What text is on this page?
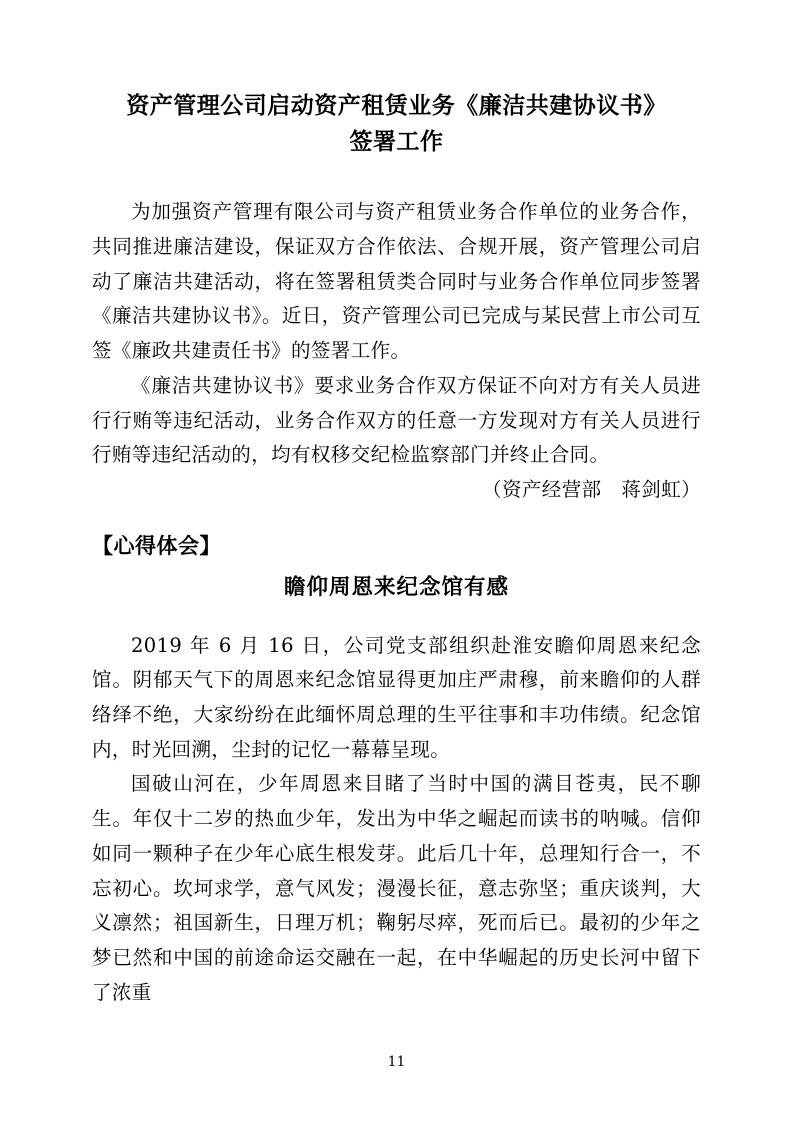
资产管理公司启动资产租赁业务《廉洁共建协议书》
签署工作

为加强资产管理有限公司与资产租赁业务合作单位的业务合作，共同推进廉洁建设，保证双方合作依法、合规开展，资产管理公司启动了廉洁共建活动，将在签署租赁类合同时与业务合作单位同步签署《廉洁共建协议书》。近日，资产管理公司已完成与某民营上市公司互签《廉政共建责任书》的签署工作。

《廉洁共建协议书》要求业务合作双方保证不向对方有关人员进行行贿等违纪活动，业务合作双方的任意一方发现对方有关人员进行行贿等违纪活动的，均有权移交纪检监察部门并终止合同。

（资产经营部　蒋剑虹）

【心得体会】
瞻仰周恩来纪念馆有感

2019 年 6 月 16 日，公司党支部组织赴淮安瞻仰周恩来纪念馆。阴郁天气下的周恩来纪念馆显得更加庄严肃穆，前来瞻仰的人群络绎不绝，大家纷纷在此缅怀周总理的生平往事和丰功伟绩。纪念馆内，时光回溯，尘封的记忆一幕幕呈现。

国破山河在，少年周恩来目睹了当时中国的满目苍夷，民不聊生。年仅十二岁的热血少年，发出为中华之崛起而读书的呐喊。信仰如同一颗种子在少年心底生根发芽。此后几十年，总理知行合一，不忘初心。坎坷求学，意气风发；漫漫长征，意志弥坚；重庆谈判，大义凛然；祖国新生，日理万机；鞠躬尽瘁，死而后已。最初的少年之梦已然和中国的前途命运交融在一起，在中华崛起的历史长河中留下了浓重

11
